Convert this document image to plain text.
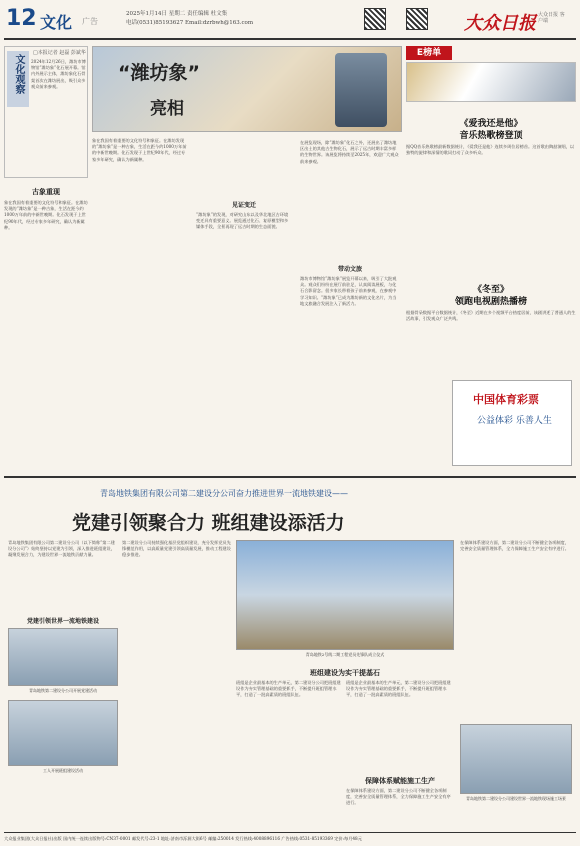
12 文化 广告
2025年1月14日 星期二 责任编辑 杜文集
电话(0531)85193627 Email:dzrbwh@163.com	大众日报 大众日报 客户端
文化观察
□本报记者 赵磊 彭斌华
2024年12月26日，潍坊市博物馆“潍坊象”化石展开幕。馆内外展示主体，潍坊象化石骨架首次在潍坊展出，吸引众多观众前来参观。
古象重现
象在我国有着重要的文化符号和象征。在潍坊发现的“潍坊象”是一种古象，生活在距今约1000万年前的中新世晚期。化石发现于上世纪90年代，经过专家多年研究，确认为新属种。
“潍坊象”
亮相
象在我国有着重要的文化符号和象征。在潍坊发现的“潍坊象”是一种古象，生活在距今约1000万年前的中新世晚期。化石发现于上世纪90年代，经过专家多年研究，确认为新属种。
见证变迁
“潍坊象”的发现，对研究山东以及华北地区古环境变迁具有重要意义。展览通过化石、复原模型和多媒体手段，全景再现了远古时期的生态面貌。
带动文旅
在展览现场，除“潍坊象”化石之外，还展出了潍坊地区出土的其他古生物化石，展示了远古时期丰富多样的生物世界。该展览将持续至2025年，欢迎广大观众前来参观。
潍坊市博物馆“潍坊象”展览开幕以来，吸引了大批观众。观众们纷纷在展厅前驻足，认真阅读展板，与化石合影留念。很多家长带着孩子前来参观，在参观中学习知识。“潍坊象”已成为潍坊新的文化名片，为当地文旅融合发展注入了新活力。
E榜单
《爱我还是他》
音乐热歌榜登顶
据QQ音乐热歌榜最新数据统计，《爱我还是他》连续多周位居榜首。这首歌由陶喆演唱，以独特的旋律和深情的歌词打动了众多听众。
《冬至》
领跑电视剧热播榜
根据骨朵数据平台数据统计，《冬至》近期在多个视频平台热度居前，该剧讲述了普通人的生活故事，引发观众广泛共鸣。
中国体育彩票
公益体彩 乐善人生
青岛地铁集团有限公司第二建设分公司奋力推进世界一流地铁建设——
党建引领聚合力 班组建设添活力
青岛地铁集团有限公司第二建设分公司（以下简称“第二建设分公司”）始终坚持以党建为引领，深入推进班组建设，凝聚发展合力，为建设世界一流地铁贡献力量。
党建引领世界一流地铁建设
青岛地铁第二建设分公司开展党建活动
工人开展班组建设活动
第二建设分公司持续强化基层党组织建设，充分发挥党员先锋模范作用，以高质量党建引领高质量发展，推动工程建设稳步推进。
青岛地铁2号线二期工程党员先锋队成立仪式
班组建设为实干提基石
班组是企业最基本的生产单元，第二建设分公司把班组建设作为夯实管理基础的重要抓手，不断提升班组管理水平，打造了一批高素质的班组队伍。
班组是企业最基本的生产单元，第二建设分公司把班组建设作为夯实管理基础的重要抓手，不断提升班组管理水平，打造了一批高素质的班组队伍。
保障体系赋能施工生产
在保障体系建设方面，第二建设分公司不断健全各项制度，完善安全质量管理体系，全力保障施工生产安全有序进行。
在保障体系建设方面，第二建设分公司不断健全各项制度，完善安全质量管理体系，全力保障施工生产安全有序进行。
青岛地铁第二建设分公司建设世界一流地铁现场施工场景
大众报业集团(大众日报社)出版 国内统一连续出版物号:CN37-0001 邮发代号:23-1 地址:济南市泺源大街6号 邮编:250014 发行热线:4008896116 广告热线:0531-85193369 定价:每月48元
